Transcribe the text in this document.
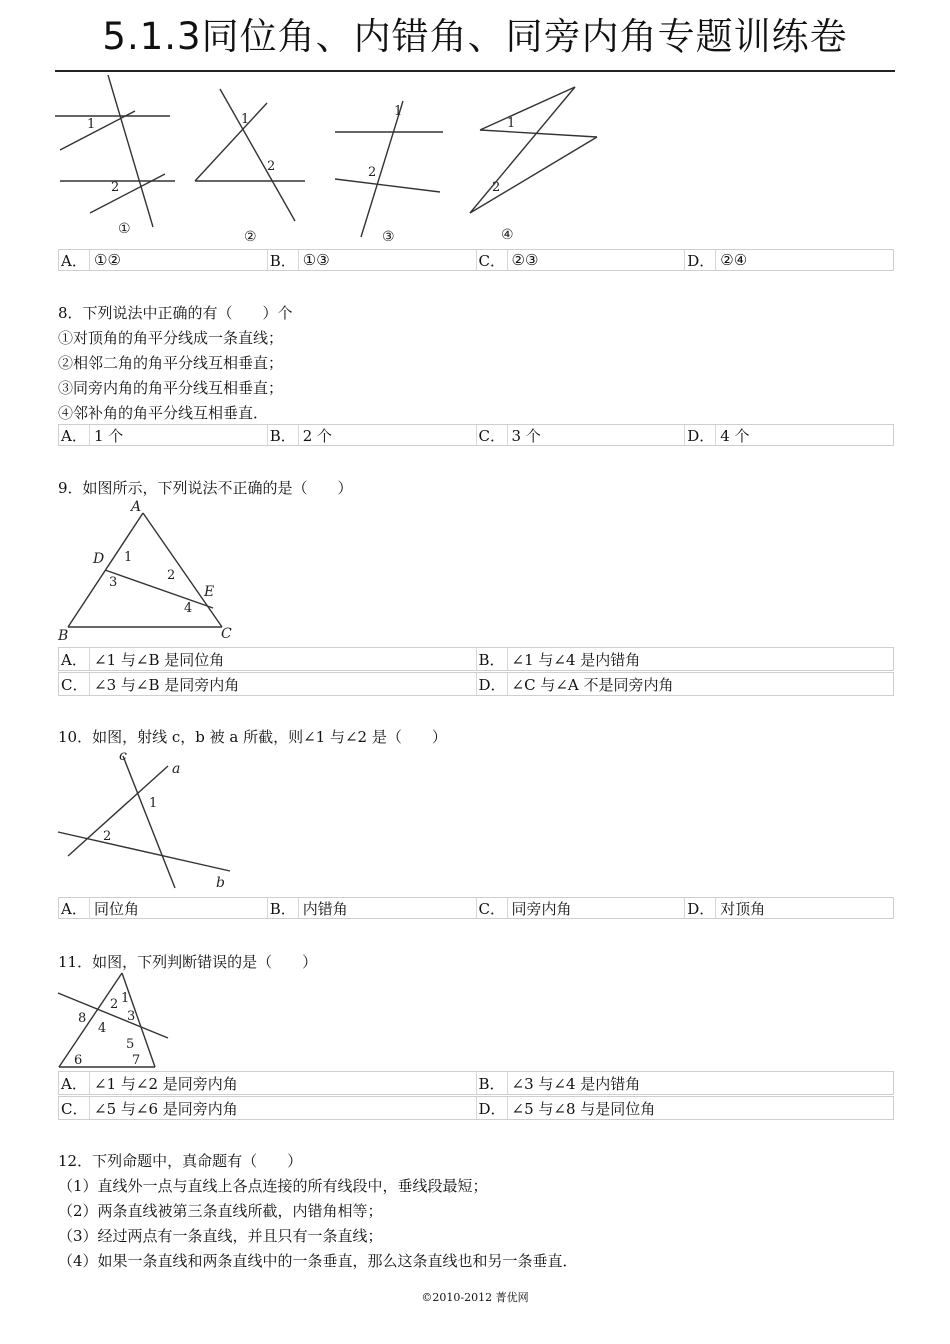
5.1.3同位角、内错角、同旁内角专题训练卷
1
2
1
2
1
2
1
2
①	②	③	④
A． ①②	B． ①③	C． ②③	D． ②④
8．下列说法中正确的有（　　）个
①对顶角的角平分线成一条直线；
②相邻二角的角平分线互相垂直；
③同旁内角的角平分线互相垂直；
④邻补角的角平分线互相垂直．
A． 1 个	B． 2 个	C． 3 个	D． 4 个
9．如图所示，下列说法不正确的是（　　）
A
B	C
D
E
1
2
3
4
A． ∠1 与∠B 是同位角	B． ∠1 与∠4 是内错角
C． ∠3 与∠B 是同旁内角	D． ∠C 与∠A 不是同旁内角
10．如图，射线 c，b 被 a 所截，则∠1 与∠2 是（　　）
c
a
b
1
2
A． 同位角	B． 内错角	C． 同旁内角	D． 对顶角
11．如图，下列判断错误的是（　　）
1
2
3
4
5
6	7
8
A． ∠1 与∠2 是同旁内角	B． ∠3 与∠4 是内错角
C． ∠5 与∠6 是同旁内角	D． ∠5 与∠8 与是同位角
12．下列命题中，真命题有（　　）
（1）直线外一点与直线上各点连接的所有线段中，垂线段最短；
（2）两条直线被第三条直线所截，内错角相等；
（3）经过两点有一条直线，并且只有一条直线；
（4）如果一条直线和两条直线中的一条垂直，那么这条直线也和另一条垂直．
©2010-2012 菁优网
